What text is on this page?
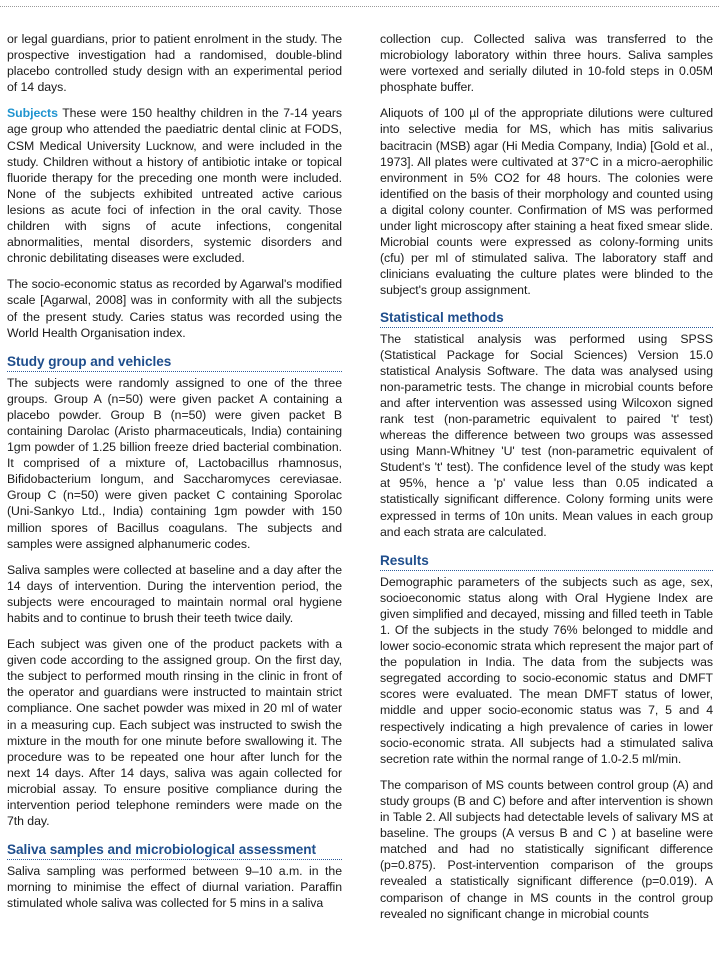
or legal guardians, prior to patient enrolment in the study. The prospective investigation had a randomised, double-blind placebo controlled study design with an experimental period of 14 days.

Subjects These were 150 healthy children in the 7-14 years age group who attended the paediatric dental clinic at FODS, CSM Medical University Lucknow, and were included in the study. Children without a history of antibiotic intake or topical fluoride therapy for the preceding one month were included. None of the subjects exhibited untreated active carious lesions as acute foci of infection in the oral cavity. Those children with signs of acute infections, congenital abnormalities, mental disorders, systemic disorders and chronic debilitating diseases were excluded.

The socio-economic status as recorded by Agarwal's modified scale [Agarwal, 2008] was in conformity with all the subjects of the present study. Caries status was recorded using the World Health Organisation index.

Study group and vehicles

The subjects were randomly assigned to one of the three groups. Group A (n=50) were given packet A containing a placebo powder. Group B (n=50) were given packet B containing Darolac (Aristo pharmaceuticals, India) containing 1gm powder of 1.25 billion freeze dried bacterial combination. It comprised of a mixture of, Lactobacillus rhamnosus, Bifidobacterium longum, and Saccharomyces cereviasae. Group C (n=50) were given packet C containing Sporolac (Uni-Sankyo Ltd., India) containing 1gm powder with 150 million spores of Bacillus coagulans. The subjects and samples were assigned alphanumeric codes.

Saliva samples were collected at baseline and a day after the 14 days of intervention. During the intervention period, the subjects were encouraged to maintain normal oral hygiene habits and to continue to brush their teeth twice daily.

Each subject was given one of the product packets with a given code according to the assigned group. On the first day, the subject to performed mouth rinsing in the clinic in front of the operator and guardians were instructed to maintain strict compliance. One sachet powder was mixed in 20 ml of water in a measuring cup. Each subject was instructed to swish the mixture in the mouth for one minute before swallowing it. The procedure was to be repeated one hour after lunch for the next 14 days. After 14 days, saliva was again collected for microbial assay. To ensure positive compliance during the intervention period telephone reminders were made on the 7th day.

Saliva samples and microbiological assessment

Saliva sampling was performed between 9–10 a.m. in the morning to minimise the effect of diurnal variation. Paraffin stimulated whole saliva was collected for 5 mins in a saliva

collection cup. Collected saliva was transferred to the microbiology laboratory within three hours. Saliva samples were vortexed and serially diluted in 10-fold steps in 0.05M phosphate buffer.

Aliquots of 100 µl of the appropriate dilutions were cultured into selective media for MS, which has mitis salivarius bacitracin (MSB) agar (Hi Media Company, India) [Gold et al., 1973]. All plates were cultivated at 37°C in a micro-aerophilic environment in 5% CO2 for 48 hours. The colonies were identified on the basis of their morphology and counted using a digital colony counter. Confirmation of MS was performed under light microscopy after staining a heat fixed smear slide. Microbial counts were expressed as colony-forming units (cfu) per ml of stimulated saliva. The laboratory staff and clinicians evaluating the culture plates were blinded to the subject's group assignment.

Statistical methods

The statistical analysis was performed using SPSS (Statistical Package for Social Sciences) Version 15.0 statistical Analysis Software. The data was analysed using non-parametric tests. The change in microbial counts before and after intervention was assessed using Wilcoxon signed rank test (non-parametric equivalent to paired 't' test) whereas the difference between two groups was assessed using Mann-Whitney 'U' test (non-parametric equivalent of Student's 't' test). The confidence level of the study was kept at 95%, hence a 'p' value less than 0.05 indicated a statistically significant difference. Colony forming units were expressed in terms of 10n units. Mean values in each group and each strata are calculated.

Results

Demographic parameters of the subjects such as age, sex, socioeconomic status along with Oral Hygiene Index are given simplified and decayed, missing and filled teeth in Table 1. Of the subjects in the study 76% belonged to middle and lower socio-economic strata which represent the major part of the population in India. The data from the subjects was segregated according to socio-economic status and DMFT scores were evaluated. The mean DMFT status of lower, middle and upper socio-economic status was 7, 5 and 4 respectively indicating a high prevalence of caries in lower socio-economic strata. All subjects had a stimulated saliva secretion rate within the normal range of 1.0-2.5 ml/min.

The comparison of MS counts between control group (A) and study groups (B and C) before and after intervention is shown in Table 2. All subjects had detectable levels of salivary MS at baseline. The groups (A versus B and C ) at baseline were matched and had no statistically significant difference (p=0.875). Post-intervention comparison of the groups revealed a statistically significant difference (p=0.019). A comparison of change in MS counts in the control group revealed no significant change in microbial counts
